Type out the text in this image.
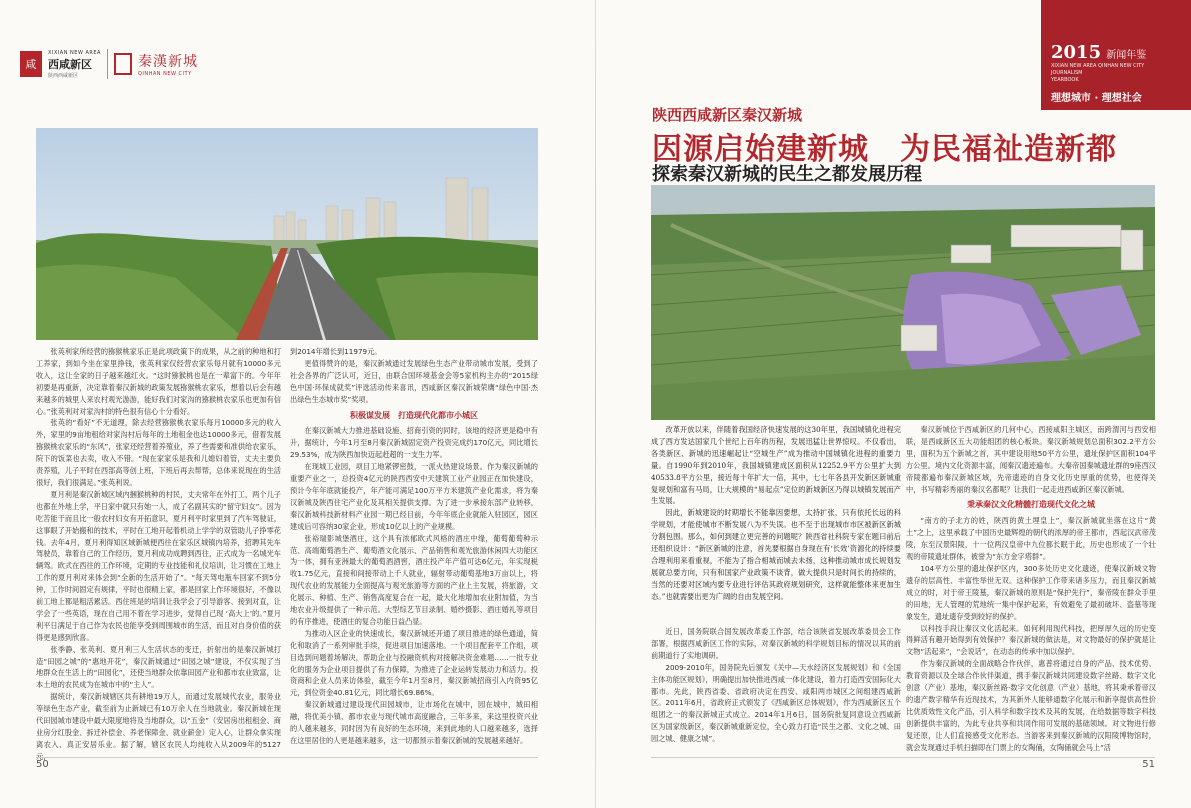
咸
XIXIAN NEW AREA
西咸新区
陕西西咸新区
秦漢新城
QINHAN NEW CITY
2015 新闻年鉴
XIXIAN NEW AREA QINHAN NEW CITY
JOURNALISM
YEARBOOK
理想城市 · 理想社会

张英利家所经营的猕猴桃家乐正是此项政策下的成果，从之前的种地和打工养家，到如今坐在家里挣钱，张英利家仅经营农家乐每月就有10000多元收入，这让全家的日子越来越红火。“这时猕猴桃也是在一辈富下的。今年年初要是再重新，决定靠着秦汉新城的政策发展猕猴桃农家乐，想着以后会有越来越多的城里人来农村观光游游，能好我们对家沟的猕猴桃农家乐也更加有信心。”张英利对对家沟村的特色很有信心十分看好。

张英的“看好”不无道理，除去经营猕猴桃农家乐每月10000多元的收入外，家里的9亩地租给对家沟村后每年的土地租金也达10000多元，借着发展猕猴桃农家乐的“东风”，张家还经营着养殖业，养了些需要和准供给农家乐，院下的饭菜也去卖，收入不错。“现在家家乐是我和儿媳妇着管，丈夫主要负责养殖，儿子平时在西部高等创上班，下班后再去帮帮，总体来说现在的生活很好，我们很满足。”张英利说。

夏月利是秦汉新城区域内捆猴桃种的村民，丈夫常年在外打工，两个儿子也都在外地上学，平日家中就只有她一人，成了名副其实的“留守妇女”。因为吃苦能干而且比一般农村妇女有开拓意识，夏月利平时家里到了汽车驾驶证，这事眼了开始搬和的技术，平时在工地开起着机动上学学的双管助儿子挣零花钱。去年4月，夏月利得知区域新城便西往在家乐区城镇内培养，招聘其先车驾驶员，靠着自己的工作经历，夏月利成功成聘到西往，正式成为一名城光车辆驾。欧式在西往的工作环境，定期的专业技能和礼仪培训，让习惯在工地上工作的夏月利对来体会到“全新的生活开始了”。“每天驾电瓶车回家不到5分钟，工作时间固定有规律，平时也很精上家，都是回家上作环境很好，不像以前工地上都是粗活累活。西住班是的培训让我学会了引导游客、接到对直，让学会了一些英语，现在自己用不着在学习进步，觉得自己现 ‘高大上’的。”夏月利平日满足于自己作为农民也能享受到周围城市的生活，而且对自身价值的获得更是感到欣喜。

张季静、张英利、夏月利三人生活状态的变迁，折射出的是秦汉新城打造“田园之城”的“惠地开花”，秦汉新城通过“田园之城”建设，不仅实现了当地群众在生活上的“田园化”，还使当地群众依靠田园产业和都市农业致富，让本土地的农民成为在城市中的“主人”。

据统计，秦汉新城辖区共有耕地19万人，而通过发展城代农业，服务业等绿色生态产业，截至前为止新城已有10万余人在当地就业。秦汉新城在现代田园城市建设中最大限度地将及当地群众，以“五金”（安居房出租租金、商业房分红股金、拆迁补偿金、养老保障金、就业薪金）定入心，让群众拿实现离农入、真正安居乐业。据了解，辖区农民人均纯收入从2009年的5127

到2014年增长到11979元。

更值得赞许的是，秦汉新城通过发展绿色生态产业带动城市发展，受到了社会各界的广泛认可，近日，由联合国环境基金会等5家机构主办的“2015绿色中国·环保成就奖”评选活动传来喜讯，西咸新区秦汉新城荣膺“绿色中国·杰出绿色生态城市奖”奖项。

积极谋发展　打造现代化都市小城区

在秦汉新城大力推进基础设施、招商引资的同时，该地的经济更是稳中有升，据统计，今年1月至8月秦汉新城固定资产投资完成约170亿元，同比增长29.53%，成为陕西加快迈起赶超的一支生力军。

在现城工业园，项目工地紧锣密鼓，一派火热建设场景。作为秦汉新城的重要产业之一，总投资4亿元的陕西西安中天建筑工业产业园正在加快建设，预计今年年底就能投产，年产能可满足100万平方米建筑产业化需求，将为秦汉新城及陕西住宅产业化及其相关提供支撑。为了进一步承接东部产业转移，秦汉新城科技新材料产业园一期已经目前，今年年底企业就能入驻园区，园区建成后可容纳30家企业，形成10亿以上的产业规模。

张裕瑞影城堡酒庄，这个具有浓郁欧式风格的酒庄中缘，葡萄葡萄种示范、高端葡萄酒生产、葡萄酒文化展示、产品销售和观光旅游休闲四大功能区为一体，拥有亚洲最大的葡萄酒酒窖，酒庄投产年产值可达6亿元，年实现税收1.75亿元，直接和间接带动上千人就业，辐射带动葡萄基地3万亩以上，将现代农业的发展能力全面提高与观光旅游等方面的产业上主发展，将旅游，文化展示、种植、生产、销售高度复合在一起，最大化地增加农业附加值，为当地农业升级提供了一种示范。大型综艺节目录制、婚纱摄影、酒庄婚礼等项目的有序推进，使酒庄的复合功能日益凸显。

为推动入区企业的快速成长，秦汉新城还开通了项目推进的绿色通道，简化和取消了一系列审批手续，促进项目加速落地。一个项目配套平工作组，项目选到问题着场解决，帮助企业与投融资机构对接解决资金难题……一批专业化的服务为企业项目提供了有力保障，为推进了企业运转发展动力和活力。投资商和企业人员来访体验，截至今年1月至8月，秦汉新城招商引入内资95亿元，到位资金40.81亿元，同比增长69.86%。

秦汉新城通过建设现代田园城市，让市场化在城中，园在城中，城田相融，将优美小镇、都市农业与现代城市高度融合，三年多来，来这里投资兴业的人越来越多，同时因为有良好的生态环境，来到此地的人口越来越多，选择在这里居住的人更是越来越多，这一切都预示着秦汉新城的发展越来越好。

50
陕西西咸新区秦汉新城
因源启始建新城　为民福祉造新都
探索秦汉新城的民生之都发展历程

改革开放以来，伴随着我国经济快速发展的这30年里，我国城镇化进程完成了西方发达国家几个世纪上百年的历程，发展迅猛让世界惊叹。不仅看出，各类新区、新城的迅速崛起让“空城生产”成为推动中国城镇化进程的重要力量。自1990年到2010年，我国城镇建成区面积从12252.9平方公里扩大到40533.8平方公里，接近每十年扩大一倍，其中，七七年各县开发新区新城重复规划和富有马局，让大规模的“易起点”定位的新城新区乃得以城镇发展而产生发展。

因此，新城建设的时期增长不能靠因要想，太持扩张，只有依托长远的科学规划，才能使城市不断发展八为不失误。也不至于出现城市市区被新区新城分割包围。那么，如何到建立更完善的问题呢？陕西省社科院专家在题曰前后还组织设计：“新区新城的注意，首先要根据自身现在有‘长效’资源化的持续要合理利用来看重视，不能为了指合相城而城去未扬，这种推动城市成长规划发展就总要方向，只有和国家产业政策不谈背，做大提供只是时间长的持续的，当然的还要对区域内要专业进行评估其政府规划研究，这样就能整体来更加生态。”也就需要出更为广阔的自由发展空间。

近日，国务院联合国发展改革委工作部，结合该陕省发展改革委员会工作部署，根据西咸新区工作的实际，对秦汉新城的科学规划目标的情况以其的前前期道行了实地调研。

2009-2010年，国务院先后颁发《关中—天水经济区发展规划》和《全国主体功能区规划》，明确提出加快推进西咸一体化建设，着力打造西安国际化大都市。先此，陕西省委、省政府决定在西安、咸阳两市城区之间组建西咸新区。2011年6月，省政府正式颁发了《西咸新区总体规划》，作为西咸新区五个组团之一的秦汉新城正式成立。2014年1月6日，国务院批复同意设立西咸新区为国家级新区，秦汉新城重新定位，全心致力打造“民生之都、文化之城、田园之城、健康之城”。

秦汉新城位于西咸新区的几何中心，西接咸阳主城区，南跨渭河与西安相联，是西咸新区五大功能组团的核心板块。秦汉新城规划总面积302.2平方公里，面积为五个新城之首，其中建设用地50平方公里，遗址保护区面积104平方公里。境内文化资源丰富，闻秦汉遗迹遍布。大秦帝国秦城遗址群的9座西汉帝陵都遍布秦汉新城区域，先帝遗迹的自身文化历史厚重的优势，也使得关中，书写精彩秀丽的秦汉名都呢？让我们一起走进西咸新区秦汉新城。

秉承秦汉文化精髓打造现代文化之城

“南方的子北方的姓，陕西的黄土埋皇上”，秦汉新城就坐落在这片“黄土”之上，这里承载了中国历史最辉煌的朝代的浓厚的帝王都市，西起汉武帝茂陵，东至汉景阳陵，十一位两汉皇帝中九位都长眠于此，历史也形成了一个壮观的帝陵遗址群体，被誉为“东方金字塔群”。

104平方公里的遗址保护区内，300多处历史文化遗迹，使秦汉新城文物遗存的层高性、丰富性举世无双。这种保护工作带来诸多压力，而且秦汉新城成立的时，对于帝王陵墓，秦汉新城的原则是“保护先行”，秦帝陵在群众手里的田地，无人管理的荒地统一集中保护起来，有效避免了最初破坏、盗墓等现象发生，遗址遗存受到较好的保护。

以科技手段让秦汉文化活起来。如何利用现代科技，把厚厚久远的历史变得鲜活有趣开始得到有效保护？秦汉新城的做法是，对文物最好的保护就是让文物“活起来”，“会说话”，在动态的传承中加以保护。

作为秦汉新城的全面战略合作伙伴，惠普将通过自身的产品、技术优势、教育资源以及全球合作伙伴渠道，携手秦汉新城共同建设数字丝路、数字文化创意（产业）基地，秦汉新丝路·数字文化创意（产业）基地，将其秉承着帝汉的遗产数字精华有近现技术，为其新外人能够通数字化展示和新享提供高性价比优质效性文化产品，引入科学和数字技术及其的发展，在给数据等数字科技创新提供丰富的，为此专业共享和共同作用可发展的基础领域。对文物进行修复还原，让人们直接感受文化形态。当游客来到秦汉新城的汉阳陵博物馆时，就会发现通过手机扫描即在门票上的女陶俑，女陶俑就会马上“活

51
